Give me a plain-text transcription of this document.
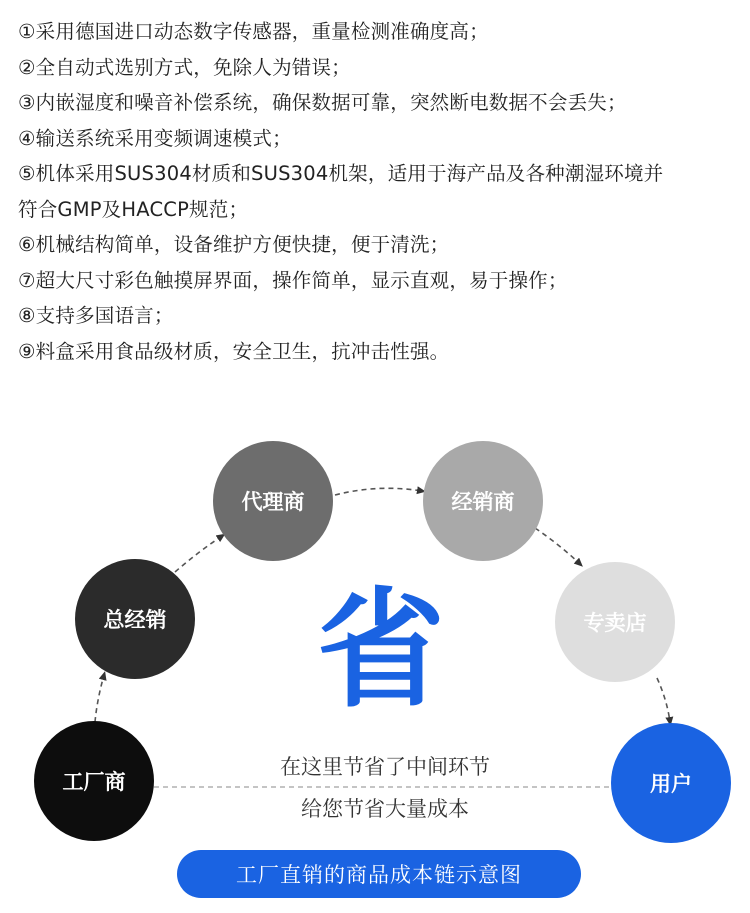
①采用德国进口动态数字传感器，重量检测准确度高；
②全自动式选别方式，免除人为错误；
③内嵌湿度和噪音补偿系统，确保数据可靠，突然断电数据不会丢失；
④输送系统采用变频调速模式；
⑤机体采用SUS304材质和SUS304机架，适用于海产品及各种潮湿环境并
符合GMP及HACCP规范；
⑥机械结构简单，设备维护方便快捷，便于清洗；
⑦超大尺寸彩色触摸屏界面，操作简单，显示直观，易于操作；
⑧支持多国语言；
⑨料盒采用食品级材质，安全卫生，抗冲击性强。
工厂商
总经销
代理商	经销商
专卖店
用户
省
在这里节省了中间环节
给您节省大量成本
工厂直销的商品成本链示意图
